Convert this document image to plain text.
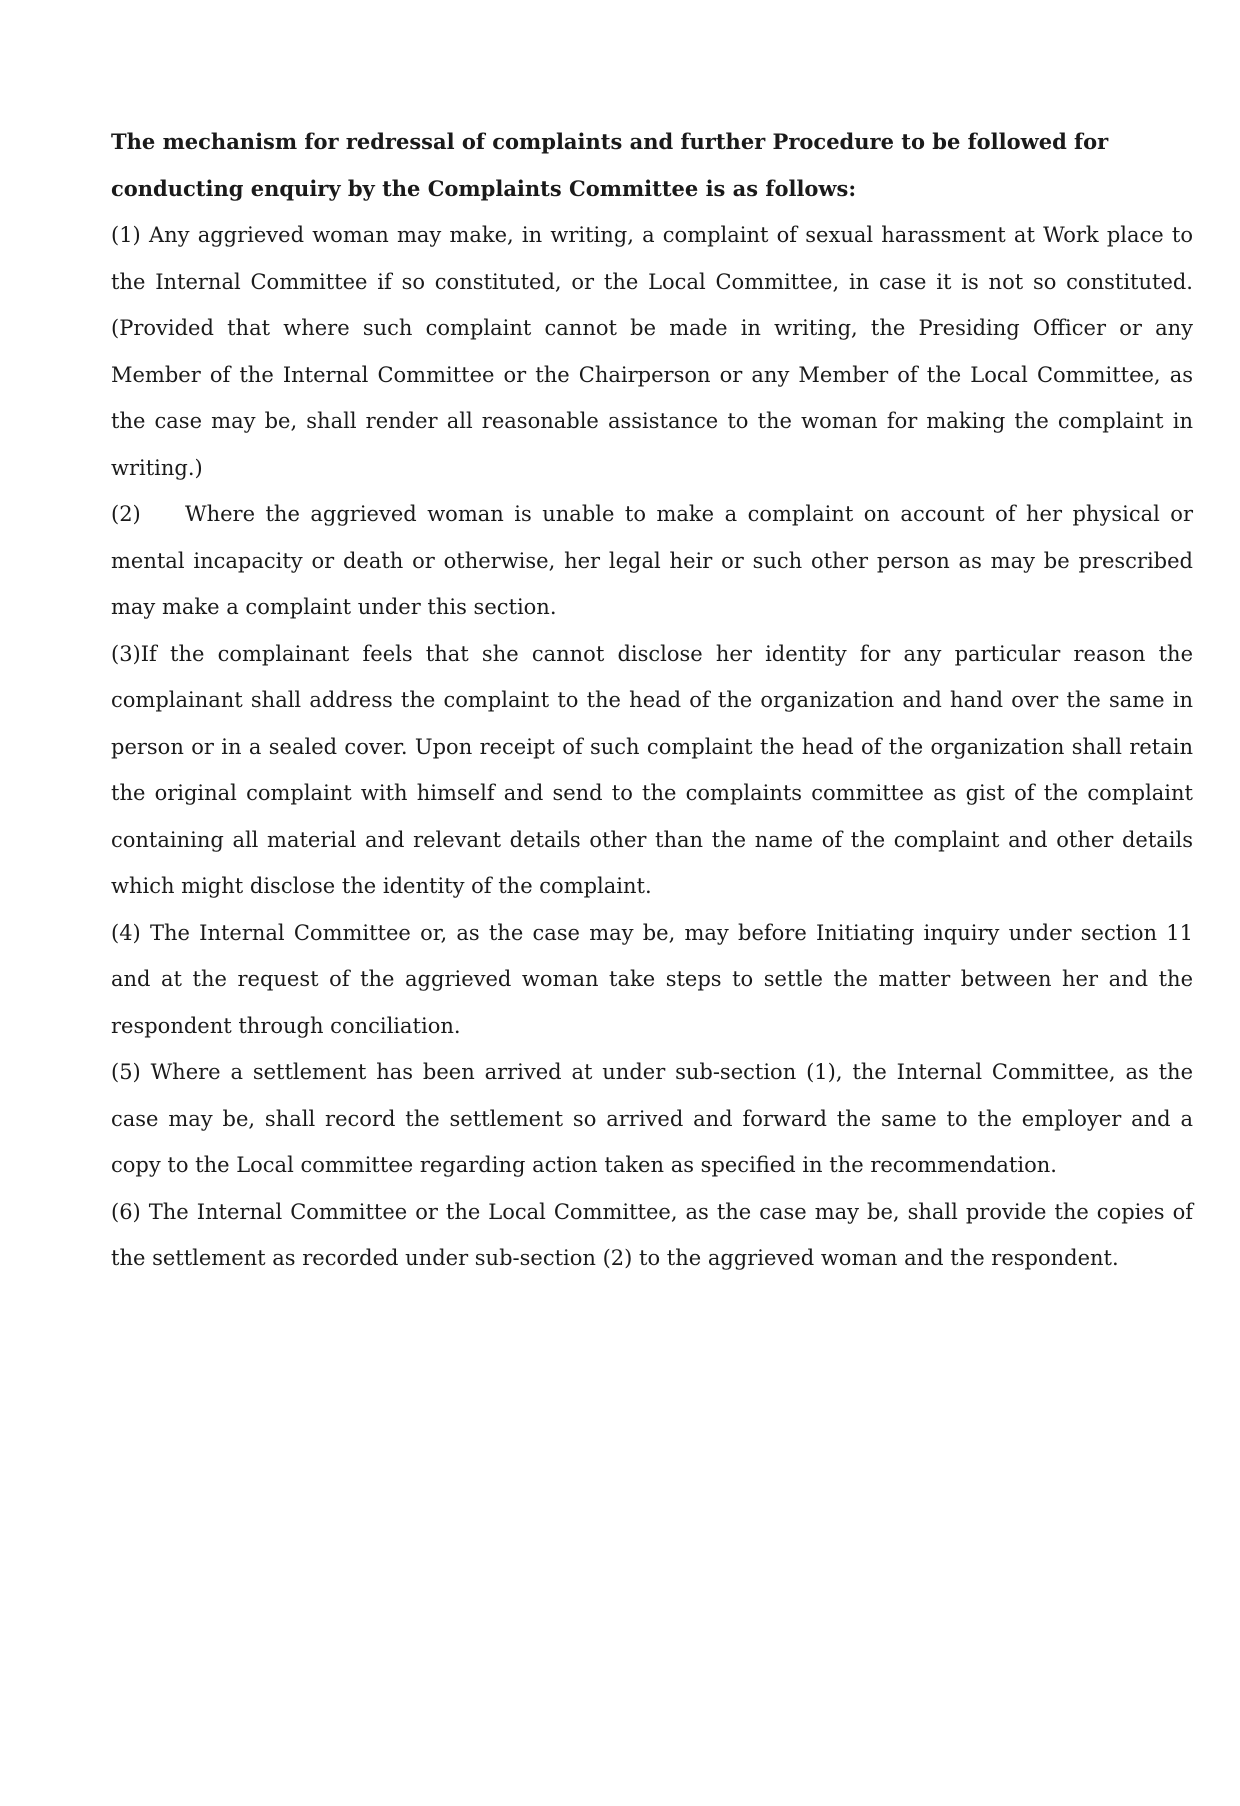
The mechanism for redressal of complaints and further Procedure to be followed for
conducting enquiry by the Complaints Committee is as follows:

(1) Any aggrieved woman may make, in writing, a complaint of sexual harassment at Work place to the Internal Committee if so constituted, or the Local Committee, in case it is not so constituted. (Provided that where such complaint cannot be made in writing, the Presiding Officer or any Member of the Internal Committee or the Chairperson or any Member of the Local Committee, as the case may be, shall render all reasonable assistance to the woman for making the complaint in writing.)

(2) Where the aggrieved woman is unable to make a complaint on account of her physical or mental incapacity or death or otherwise, her legal heir or such other person as may be prescribed may make a complaint under this section.

(3)If the complainant feels that she cannot disclose her identity for any particular reason the complainant shall address the complaint to the head of the organization and hand over the same in person or in a sealed cover. Upon receipt of such complaint the head of the organization shall retain the original complaint with himself and send to the complaints committee as gist of the complaint containing all material and relevant details other than the name of the complaint and other details which might disclose the identity of the complaint.

(4) The Internal Committee or, as the case may be, may before Initiating inquiry under section 11 and at the request of the aggrieved woman take steps to settle the matter between her and the respondent through conciliation.

(5) Where a settlement has been arrived at under sub-section (1), the Internal Committee, as the case may be, shall record the settlement so arrived and forward the same to the employer and a copy to the Local committee regarding action taken as specified in the recommendation.

(6) The Internal Committee or the Local Committee, as the case may be, shall provide the copies of the settlement as recorded under sub-section (2) to the aggrieved woman and the respondent.
